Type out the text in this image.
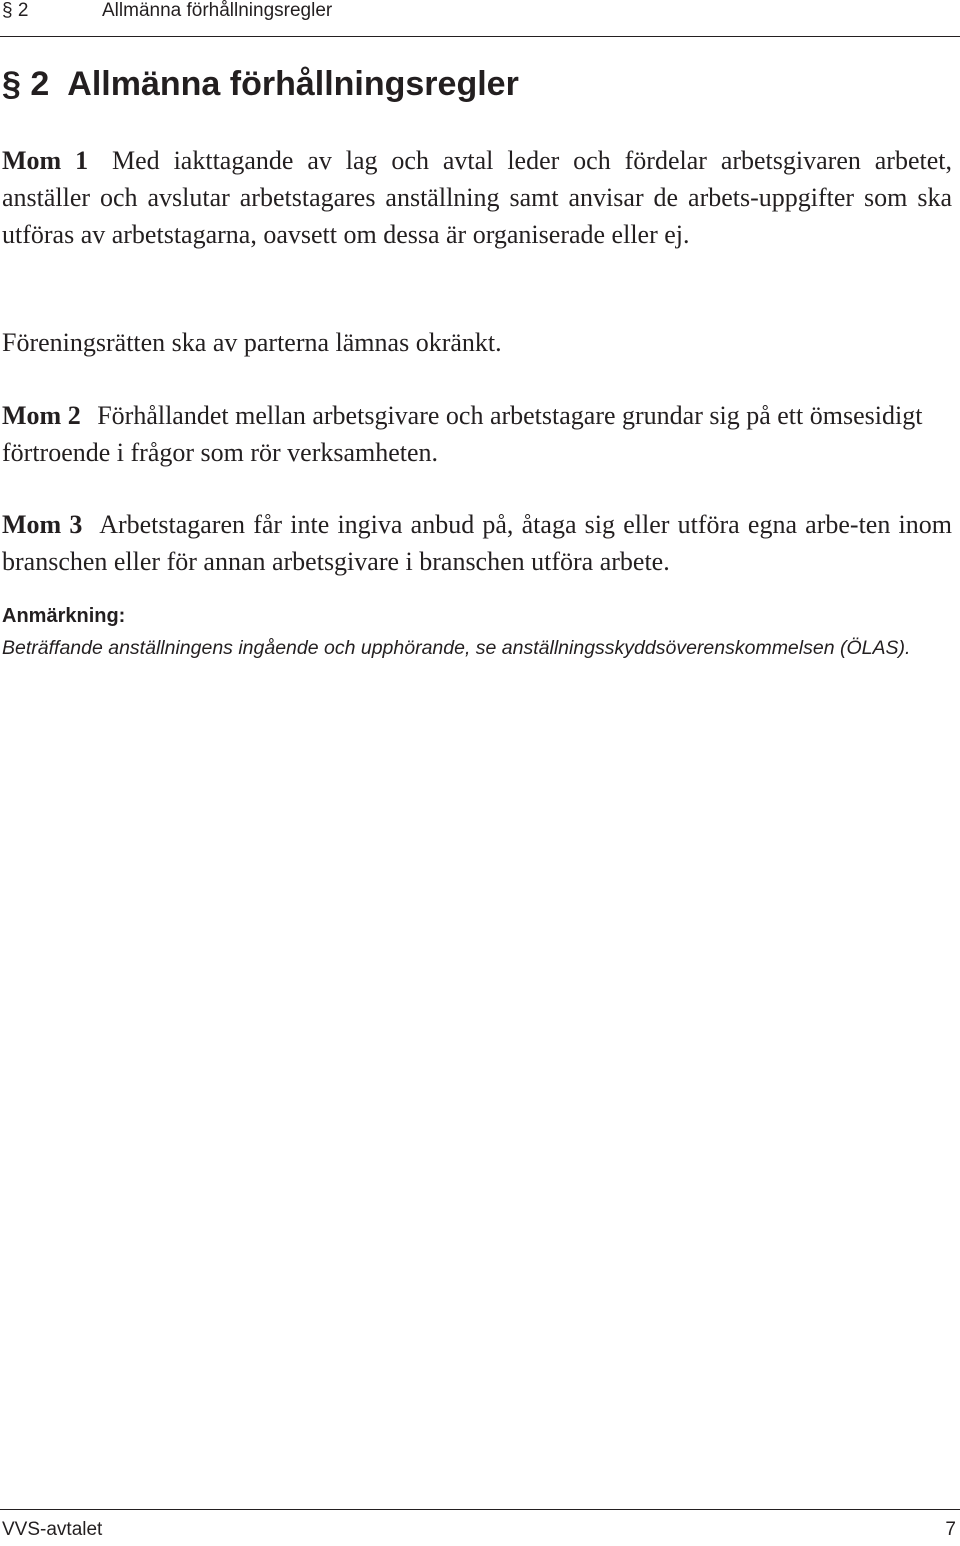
§ 2	Allmänna förhållningsregler
§ 2 Allmänna förhållningsregler

Mom 1 Med iakttagande av lag och avtal leder och fördelar arbetsgivaren arbetet, anställer och avslutar arbetstagares anställning samt anvisar de arbets-uppgifter som ska utföras av arbetstagarna, oavsett om dessa är organiserade eller ej.

Föreningsrätten ska av parterna lämnas okränkt.

Mom 2 Förhållandet mellan arbetsgivare och arbetstagare grundar sig på ett ömsesidigt förtroende i frågor som rör verksamheten.

Mom 3 Arbetstagaren får inte ingiva anbud på, åtaga sig eller utföra egna arbe-ten inom branschen eller för annan arbetsgivare i branschen utföra arbete.

Anmärkning:

Beträffande anställningens ingående och upphörande, se anställningsskyddsöverenskommelsen (ÖLAS).

VVS-avtalet	7
